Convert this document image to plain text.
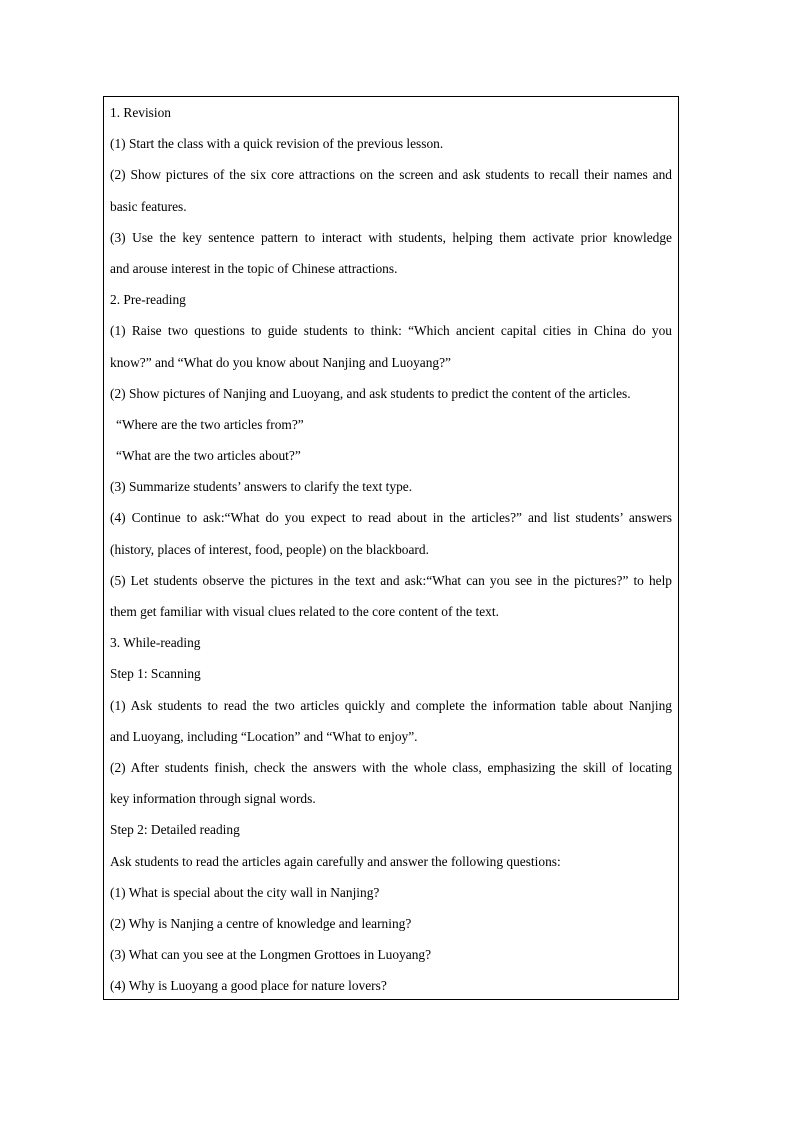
1. Revision
(1) Start the class with a quick revision of the previous lesson.
(2) Show pictures of the six core attractions on the screen and ask students to recall their names and
basic features.
(3) Use the key sentence pattern to interact with students, helping them activate prior knowledge
and arouse interest in the topic of Chinese attractions.
2. Pre-reading
(1) Raise two questions to guide students to think: “Which ancient capital cities in China do you
know?” and “What do you know about Nanjing and Luoyang?”
(2) Show pictures of Nanjing and Luoyang, and ask students to predict the content of the articles.
“Where are the two articles from?”
“What are the two articles about?”
(3) Summarize students’ answers to clarify the text type.
(4) Continue to ask:“What do you expect to read about in the articles?” and list students’ answers
(history, places of interest, food, people) on the blackboard.
(5) Let students observe the pictures in the text and ask:“What can you see in the pictures?” to help
them get familiar with visual clues related to the core content of the text.
3. While-reading
Step 1: Scanning
(1) Ask students to read the two articles quickly and complete the information table about Nanjing
and Luoyang, including “Location” and “What to enjoy”.
(2) After students finish, check the answers with the whole class, emphasizing the skill of locating
key information through signal words.
Step 2: Detailed reading
Ask students to read the articles again carefully and answer the following questions:
(1) What is special about the city wall in Nanjing?
(2) Why is Nanjing a centre of knowledge and learning?
(3) What can you see at the Longmen Grottoes in Luoyang?
(4) Why is Luoyang a good place for nature lovers?
